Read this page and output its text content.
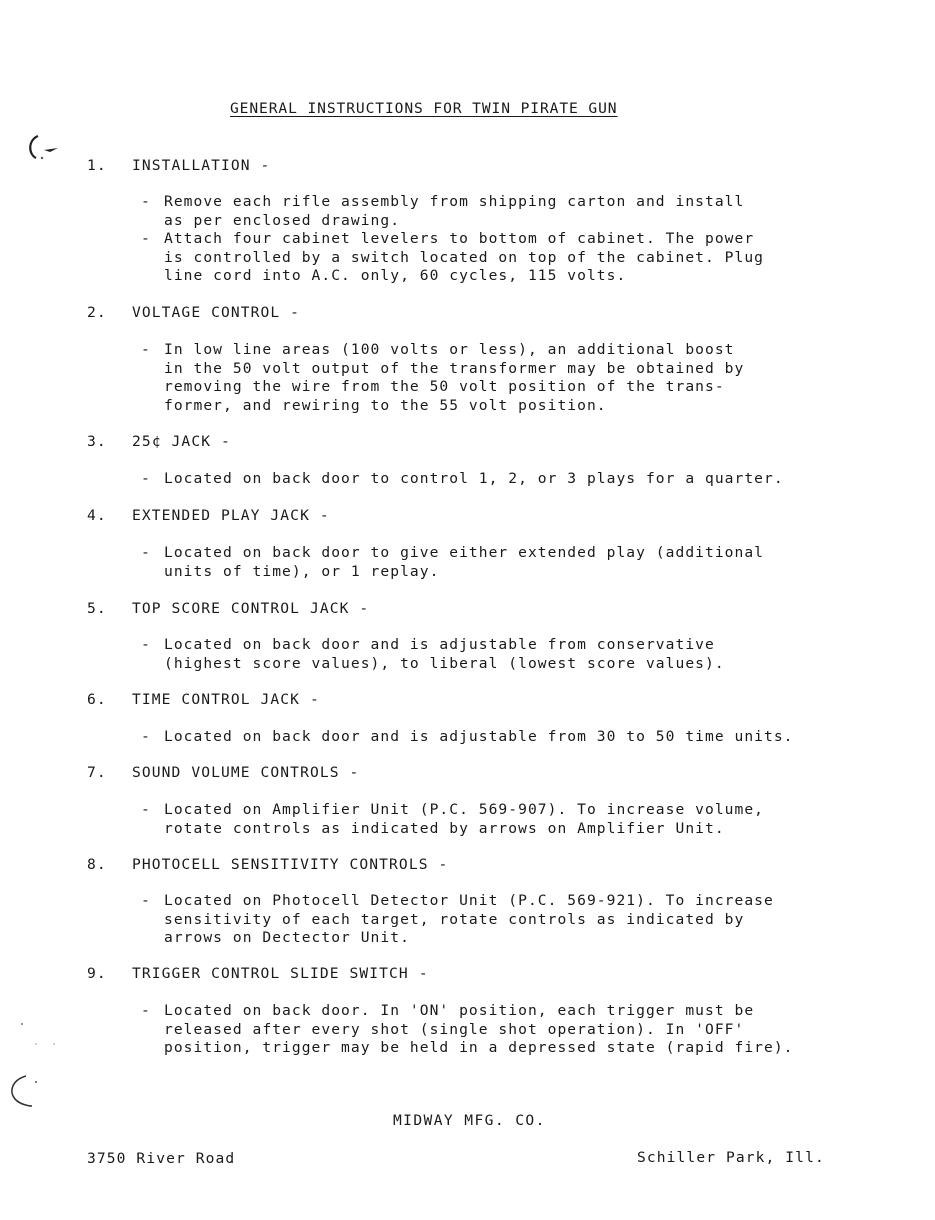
GENERAL INSTRUCTIONS FOR TWIN PIRATE GUN
1. INSTALLATION -
- Remove each rifle assembly from shipping carton and install
as per enclosed drawing.
- Attach four cabinet levelers to bottom of cabinet. The power
is controlled by a switch located on top of the cabinet. Plug
line cord into A.C. only, 60 cycles, 115 volts.
2. VOLTAGE CONTROL -
- In low line areas (100 volts or less), an additional boost
in the 50 volt output of the transformer may be obtained by
removing the wire from the 50 volt position of the trans-
former, and rewiring to the 55 volt position.
3. 25¢ JACK -
- Located on back door to control 1, 2, or 3 plays for a quarter.
4. EXTENDED PLAY JACK -
- Located on back door to give either extended play (additional
units of time), or 1 replay.
5. TOP SCORE CONTROL JACK -
- Located on back door and is adjustable from conservative
(highest score values), to liberal (lowest score values).
6. TIME CONTROL JACK -
- Located on back door and is adjustable from 30 to 50 time units.
7. SOUND VOLUME CONTROLS -
- Located on Amplifier Unit (P.C. 569-907). To increase volume,
rotate controls as indicated by arrows on Amplifier Unit.
8. PHOTOCELL SENSITIVITY CONTROLS -
- Located on Photocell Detector Unit (P.C. 569-921). To increase
sensitivity of each target, rotate controls as indicated by
arrows on Dectector Unit.
9. TRIGGER CONTROL SLIDE SWITCH -
- Located on back door. In 'ON' position, each trigger must be
released after every shot (single shot operation). In 'OFF'
position, trigger may be held in a depressed state (rapid fire).
MIDWAY MFG. CO.
3750 River Road	Schiller Park, Ill.
